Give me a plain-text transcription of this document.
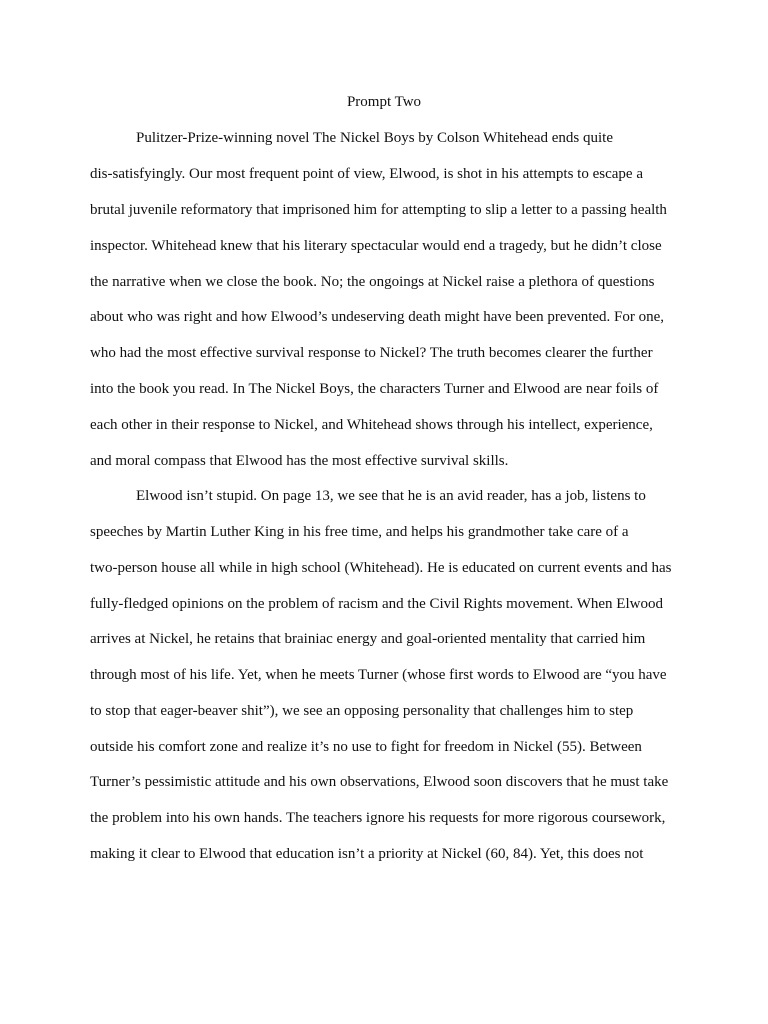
Prompt Two
Pulitzer-Prize-winning novel The Nickel Boys by Colson Whitehead ends quite
dis-satisfyingly. Our most frequent point of view, Elwood, is shot in his attempts to escape a
brutal juvenile reformatory that imprisoned him for attempting to slip a letter to a passing health
inspector. Whitehead knew that his literary spectacular would end a tragedy, but he didn’t close
the narrative when we close the book. No; the ongoings at Nickel raise a plethora of questions
about who was right and how Elwood’s undeserving death might have been prevented. For one,
who had the most effective survival response to Nickel? The truth becomes clearer the further
into the book you read. In The Nickel Boys, the characters Turner and Elwood are near foils of
each other in their response to Nickel, and Whitehead shows through his intellect, experience,
and moral compass that Elwood has the most effective survival skills.
Elwood isn’t stupid. On page 13, we see that he is an avid reader, has a job, listens to
speeches by Martin Luther King in his free time, and helps his grandmother take care of a
two-person house all while in high school (Whitehead). He is educated on current events and has
fully-fledged opinions on the problem of racism and the Civil Rights movement. When Elwood
arrives at Nickel, he retains that brainiac energy and goal-oriented mentality that carried him
through most of his life. Yet, when he meets Turner (whose first words to Elwood are “you have
to stop that eager-beaver shit”), we see an opposing personality that challenges him to step
outside his comfort zone and realize it’s no use to fight for freedom in Nickel (55). Between
Turner’s pessimistic attitude and his own observations, Elwood soon discovers that he must take
the problem into his own hands. The teachers ignore his requests for more rigorous coursework,
making it clear to Elwood that education isn’t a priority at Nickel (60, 84). Yet, this does not
